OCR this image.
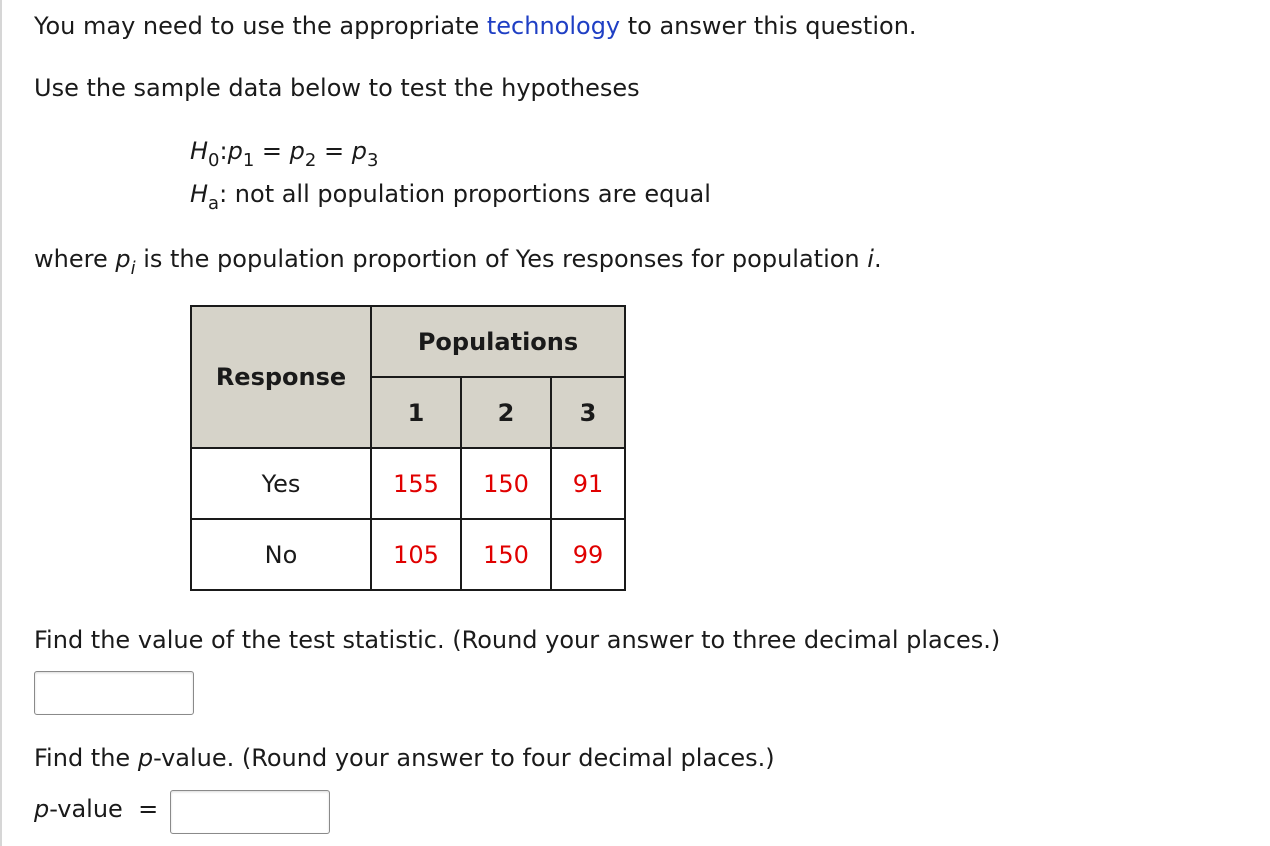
You may need to use the appropriate technology to answer this question.
Use the sample data below to test the hypotheses
$H_0:p_1 = p_2 = p_3$
$H_a$: not all population proportions are equal
where $p_i$ is the population proportion of Yes responses for population i.
Response	Populations		
	1	2	3
Yes	155	150	91
No	105	150	99
Find the value of the test statistic. (Round your answer to three decimal places.)
Find the p-value. (Round your answer to four decimal places.)
p-value  =
